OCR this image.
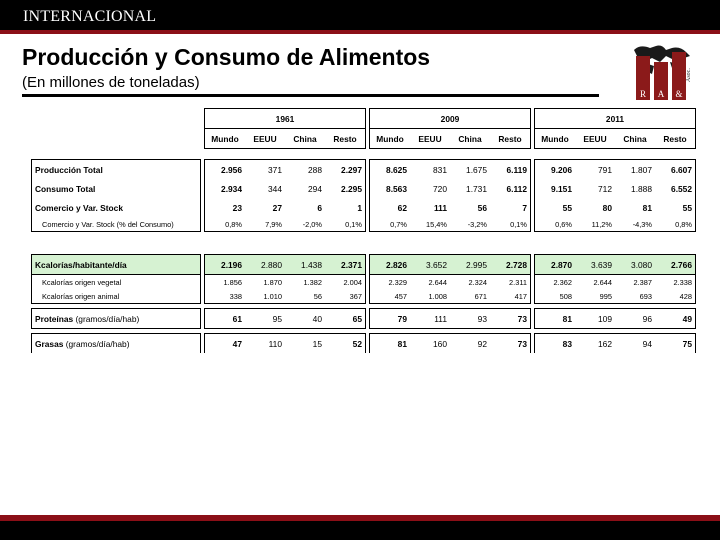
INTERNACIONAL
Producción y Consumo de Alimentos
(En millones de toneladas)
R A &
Asoc.
		1961					2009					2011			
		Mundo	EEUU	China	Resto		Mundo	EEUU	China	Resto		Mundo	EEUU	China	Resto

Producción Total		2.956	371	288	2.297		8.625	831	1.675	6.119		9.206	791	1.807	6.607
Consumo Total		2.934	344	294	2.295		8.563	720	1.731	6.112		9.151	712	1.888	6.552
Comercio y Var. Stock		23	27	6	1		62	111	56	7		55	80	81	55
Comercio y Var. Stock (% del Consumo)		0,8%	7,9%	-2,0%	0,1%		0,7%	15,4%	-3,2%	0,1%		0,6%	11,2%	-4,3%	0,8%

Kcalorías/habitante/día		2.196	2.880	1.438	2.371		2.826	3.652	2.995	2.728		2.870	3.639	3.080	2.766
Kcalorías origen vegetal		1.856	1.870	1.382	2.004		2.329	2.644	2.324	2.311		2.362	2.644	2.387	2.338
Kcalorías origen animal		338	1.010	56	367		457	1.008	671	417		508	995	693	428

Proteínas (gramos/día/hab)		61	95	40	65		79	111	93	73		81	109	96	49

Grasas (gramos/día/hab)		47	110	15	52		81	160	92	73		83	162	94	75
